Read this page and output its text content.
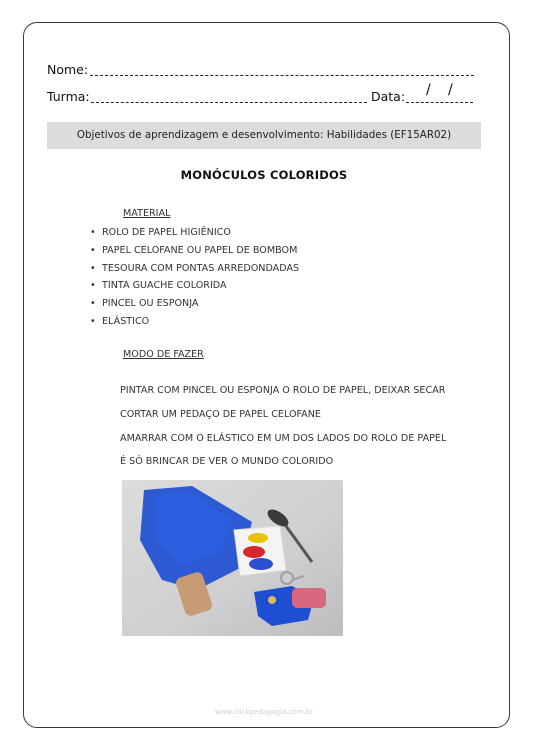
Nome:
Turma:	Data: / /
Objetivos de aprendizagem e desenvolvimento: Habilidades (EF15AR02)
MONÓCULOS COLORIDOS
MATERIAL
• ROLO DE PAPEL HIGIÊNICO
• PAPEL CELOFANE OU PAPEL DE BOMBOM
• TESOURA COM PONTAS ARREDONDADAS
• TINTA GUACHE COLORIDA
• PINCEL OU ESPONJA
• ELÁSTICO
MODO DE FAZER
PINTAR COM PINCEL OU ESPONJA O ROLO DE PAPEL, DEIXAR SECAR
CORTAR UM PEDAÇO DE PAPEL CELOFANE
AMARRAR COM O ELÁSTICO EM UM DOS LADOS DO ROLO DE PAPEL
É SÓ BRINCAR DE VER O MUNDO COLORIDO
www.clickpedagogia.com.br
